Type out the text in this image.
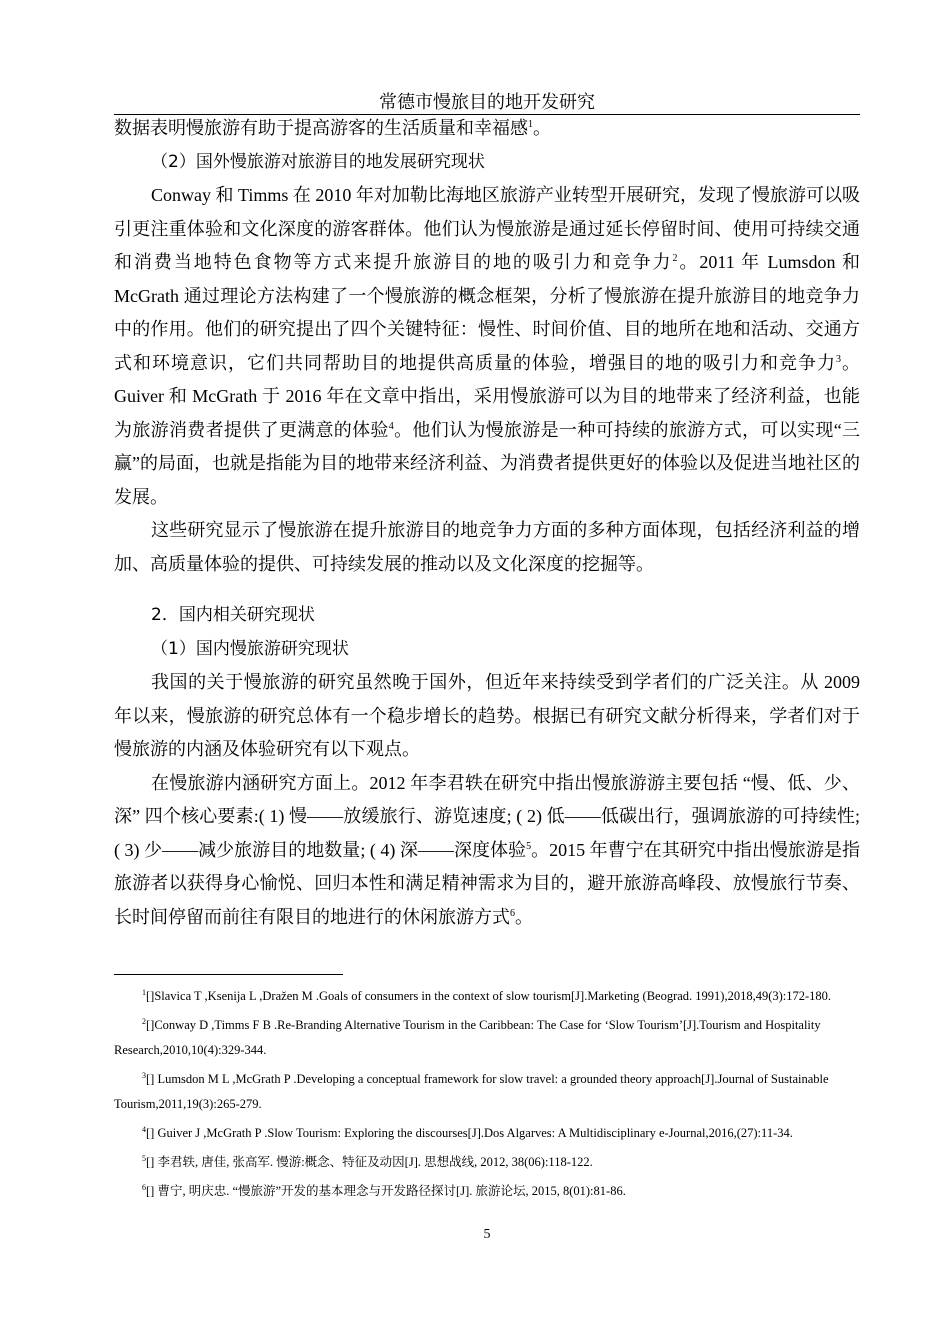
常德市慢旅目的地开发研究

数据表明慢旅游有助于提高游客的生活质量和幸福感$^1$。

（2）国外慢旅游对旅游目的地发展研究现状

Conway 和 Timms 在 2010 年对加勒比海地区旅游产业转型开展研究，发现了慢旅游可以吸引更注重体验和文化深度的游客群体。他们认为慢旅游是通过延长停留时间、使用可持续交通和消费当地特色食物等方式来提升旅游目的地的吸引力和竞争力$^2$。2011 年 Lumsdon 和 McGrath 通过理论方法构建了一个慢旅游的概念框架，分析了慢旅游在提升旅游目的地竞争力中的作用。他们的研究提出了四个关键特征：慢性、时间价值、目的地所在地和活动、交通方式和环境意识，它们共同帮助目的地提供高质量的体验，增强目的地的吸引力和竞争力$^3$。Guiver 和 McGrath 于 2016 年在文章中指出，采用慢旅游可以为目的地带来了经济利益，也能为旅游消费者提供了更满意的体验$^4$。他们认为慢旅游是一种可持续的旅游方式，可以实现“三赢”的局面，也就是指能为目的地带来经济利益、为消费者提供更好的体验以及促进当地社区的发展。

这些研究显示了慢旅游在提升旅游目的地竞争力方面的多种方面体现，包括经济利益的增加、高质量体验的提供、可持续发展的推动以及文化深度的挖掘等。

2．国内相关研究现状

（1）国内慢旅游研究现状

我国的关于慢旅游的研究虽然晚于国外，但近年来持续受到学者们的广泛关注。从 2009 年以来，慢旅游的研究总体有一个稳步增长的趋势。根据已有研究文献分析得来，学者们对于慢旅游的内涵及体验研究有以下观点。

在慢旅游内涵研究方面上。2012 年李君轶在研究中指出慢旅游游主要包括 “慢、低、少、深” 四个核心要素:( 1) 慢——放缓旅行、游览速度; ( 2) 低——低碳出行，强调旅游的可持续性; ( 3) 少——减少旅游目的地数量; ( 4) 深——深度体验$^5$。2015 年曹宁在其研究中指出慢旅游是指旅游者以获得身心愉悦、回归本性和满足精神需求为目的，避开旅游高峰段、放慢旅行节奏、长时间停留而前往有限目的地进行的休闲旅游方式$^6$。

$^1$[]Slavica T ,Ksenija L ,Dražen M .Goals of consumers in the context of slow tourism[J].Marketing (Beograd. 1991),2018,49(3):172-180.

$^2$[]Conway D ,Timms F B .Re-Branding Alternative Tourism in the Caribbean: The Case for ‘Slow Tourism’[J].Tourism and Hospitality Research,2010,10(4):329-344.

$^3$[] Lumsdon M L ,McGrath P .Developing a conceptual framework for slow travel: a grounded theory approach[J].Journal of Sustainable Tourism,2011,19(3):265-279.

$^4$[] Guiver J ,McGrath P .Slow Tourism: Exploring the discourses[J].Dos Algarves: A Multidisciplinary e-Journal,2016,(27):11-34.

$^5$[] 李君轶, 唐佳, 张高军. 慢游:概念、特征及动因[J]. 思想战线, 2012, 38(06):118-122.

$^6$[] 曹宁, 明庆忠. “慢旅游”开发的基本理念与开发路径探讨[J]. 旅游论坛, 2015, 8(01):81-86.

5
